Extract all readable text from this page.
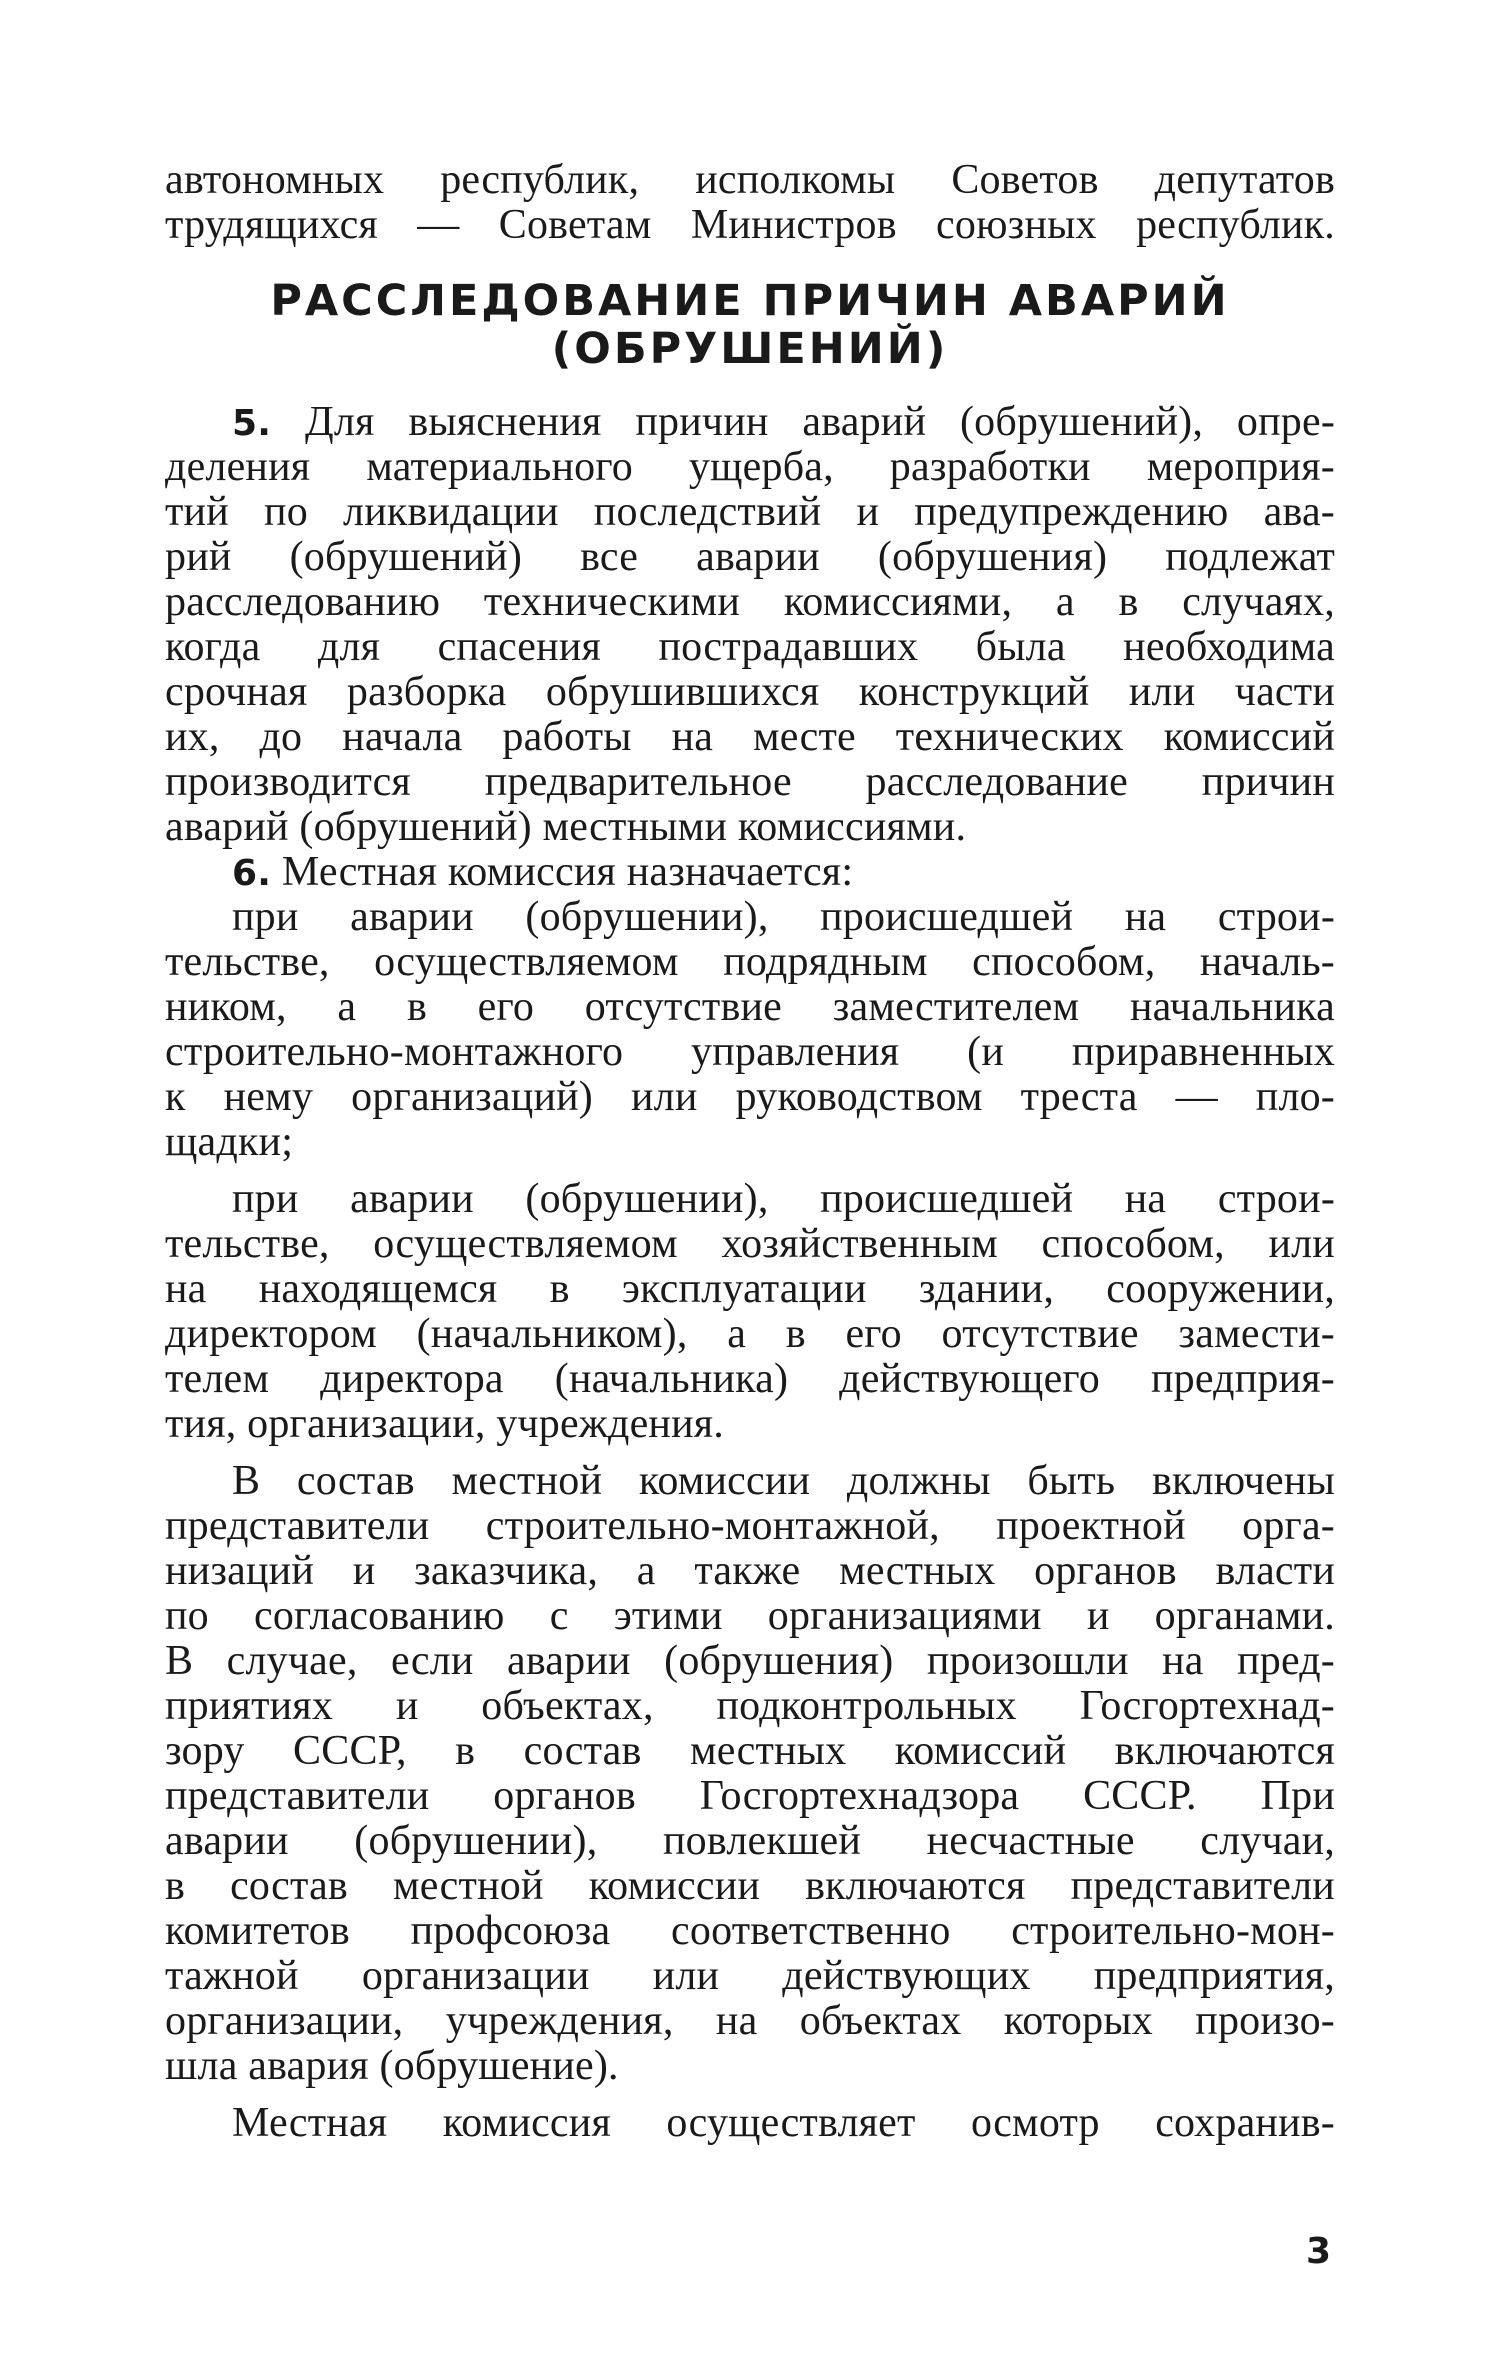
автономных республик, исполкомы Советов депутатов
трудящихся — Советам Министров союзных республик.
РАССЛЕДОВАНИЕ ПРИЧИН АВАРИЙ
(ОБРУШЕНИЙ)
5. Для выяснения причин аварий (обрушений), опре-
деления материального ущерба, разработки мероприя-
тий по ликвидации последствий и предупреждению ава-
рий (обрушений) все аварии (обрушения) подлежат
расследованию техническими комиссиями, а в случаях,
когда для спасения пострадавших была необходима
срочная разборка обрушившихся конструкций или части
их, до начала работы на месте технических комиссий
производится предварительное расследование причин
аварий (обрушений) местными комиссиями.
6. Местная комиссия назначается:
при аварии (обрушении), происшедшей на строи-
тельстве, осуществляемом подрядным способом, началь-
ником, а в его отсутствие заместителем начальника
строительно-монтажного управления (и приравненных
к нему организаций) или руководством треста — пло-
щадки;
при аварии (обрушении), происшедшей на строи-
тельстве, осуществляемом хозяйственным способом, или
на находящемся в эксплуатации здании, сооружении,
директором (начальником), а в его отсутствие замести-
телем директора (начальника) действующего предприя-
тия, организации, учреждения.
В состав местной комиссии должны быть включены
представители строительно-монтажной, проектной орга-
низаций и заказчика, а также местных органов власти
по согласованию с этими организациями и органами.
В случае, если аварии (обрушения) произошли на пред-
приятиях и объектах, подконтрольных Госгортехнад-
зору СССР, в состав местных комиссий включаются
представители органов Госгортехнадзора СССР. При
аварии (обрушении), повлекшей несчастные случаи,
в состав местной комиссии включаются представители
комитетов профсоюза соответственно строительно-мон-
тажной организации или действующих предприятия,
организации, учреждения, на объектах которых произо-
шла авария (обрушение).
Местная комиссия осуществляет осмотр сохранив-
3
